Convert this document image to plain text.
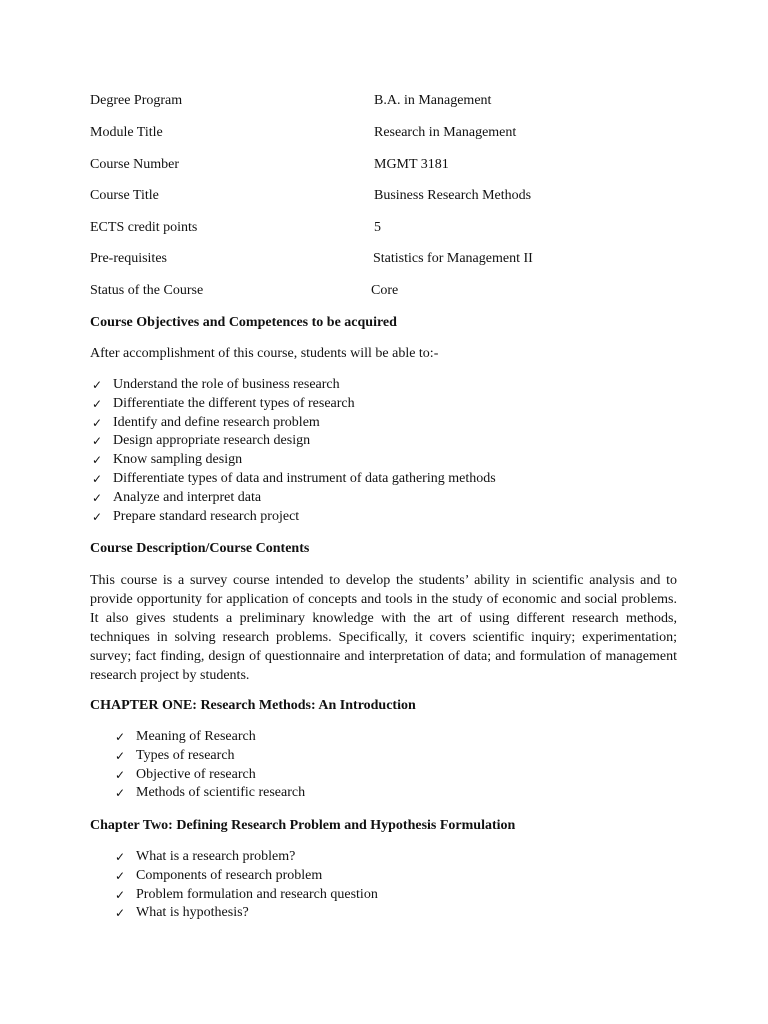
Degree Program	B.A. in Management
Module Title	Research in Management
Course Number	MGMT 3181
Course Title	Business Research Methods
ECTS credit points	5
Pre-requisites	Statistics for Management II
Status of the Course	Core
Course Objectives and Competences to be acquired
After accomplishment of this course, students will be able to:-
✓ Understand the role of business research
✓ Differentiate the different types of research
✓ Identify and define research problem
✓ Design appropriate research design
✓ Know sampling design
✓ Differentiate types of data and instrument of data gathering methods
✓ Analyze and interpret data
✓ Prepare standard research project
Course Description/Course Contents
This course is a survey course intended to develop the students’ ability in scientific analysis and to provide opportunity for application of concepts and tools in the study of economic and social problems. It also gives students a preliminary knowledge with the art of using different research methods, techniques in solving research problems. Specifically, it covers scientific inquiry; experimentation; survey; fact finding, design of questionnaire and interpretation of data; and formulation of management research project by students.
CHAPTER ONE: Research Methods: An Introduction
✓ Meaning of Research
✓ Types of research
✓ Objective of research
✓ Methods of scientific research
Chapter Two: Defining Research Problem and Hypothesis Formulation
✓ What is a research problem?
✓ Components of research problem
✓ Problem formulation and research question
✓ What is hypothesis?
